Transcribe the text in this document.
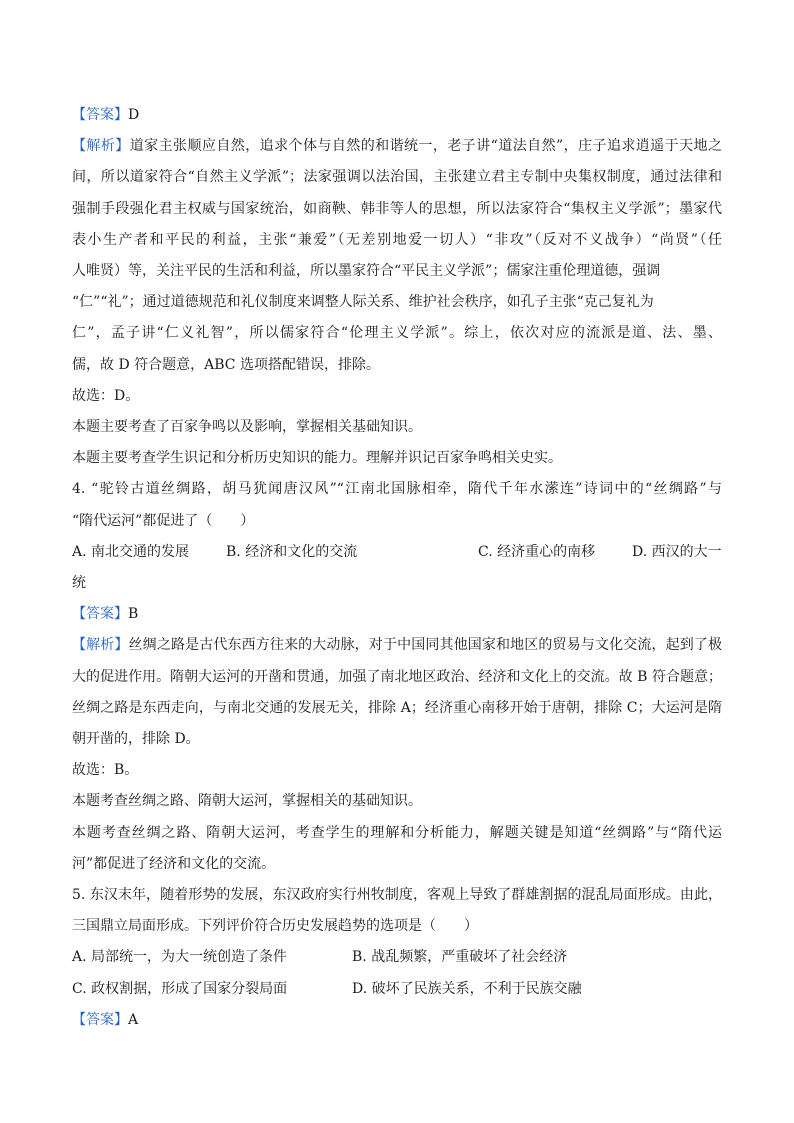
【答案】D
【解析】道家主张顺应自然，追求个体与自然的和谐统一，老子讲“道法自然”，庄子追求逍遥于天地之
间，所以道家符合“自然主义学派”；法家强调以法治国，主张建立君主专制中央集权制度，通过法律和
强制手段强化君主权威与国家统治，如商鞅、韩非等人的思想，所以法家符合“集权主义学派”；墨家代
表小生产者和平民的利益，主张“兼爱”（无差别地爱一切人）“非攻”（反对不义战争）“尚贤”（任
人唯贤）等，关注平民的生活和利益，所以墨家符合“平民主义学派”；儒家注重伦理道德，强调
“仁”“礼”；通过道德规范和礼仪制度来调整人际关系、维护社会秩序，如孔子主张“克己复礼为
仁”，孟子讲“仁义礼智”，所以儒家符合“伦理主义学派”。综上，依次对应的流派是道、法、墨、
儒，故 D 符合题意，ABC 选项搭配错误，排除。
故选：D。
本题主要考查了百家争鸣以及影响，掌握相关基础知识。
本题主要考查学生识记和分析历史知识的能力。理解并识记百家争鸣相关史实。
4. “驼铃古道丝绸路，胡马犹闻唐汉风”“江南北国脉相牵，隋代千年水潆连”诗词中的“丝绸路”与
“隋代运河”都促进了（　　）
A. 南北交通的发展	B. 经济和文化的交流	C. 经济重心的南移	D. 西汉的大一
统
【答案】B
【解析】丝绸之路是古代东西方往来的大动脉，对于中国同其他国家和地区的贸易与文化交流，起到了极
大的促进作用。隋朝大运河的开凿和贯通，加强了南北地区政治、经济和文化上的交流。故 B 符合题意；
丝绸之路是东西走向，与南北交通的发展无关，排除 A；经济重心南移开始于唐朝，排除 C；大运河是隋
朝开凿的，排除 D。
故选：B。
本题考查丝绸之路、隋朝大运河，掌握相关的基础知识。
本题考查丝绸之路、隋朝大运河，考查学生的理解和分析能力，解题关键是知道“丝绸路”与“隋代运
河”都促进了经济和文化的交流。
5. 东汉末年，随着形势的发展，东汉政府实行州牧制度，客观上导致了群雄割据的混乱局面形成。由此，
三国鼎立局面形成。下列评价符合历史发展趋势的选项是（　　）
A. 局部统一，为大一统创造了条件	B. 战乱频繁，严重破坏了社会经济
C. 政权割据，形成了国家分裂局面	D. 破坏了民族关系，不利于民族交融
【答案】A
